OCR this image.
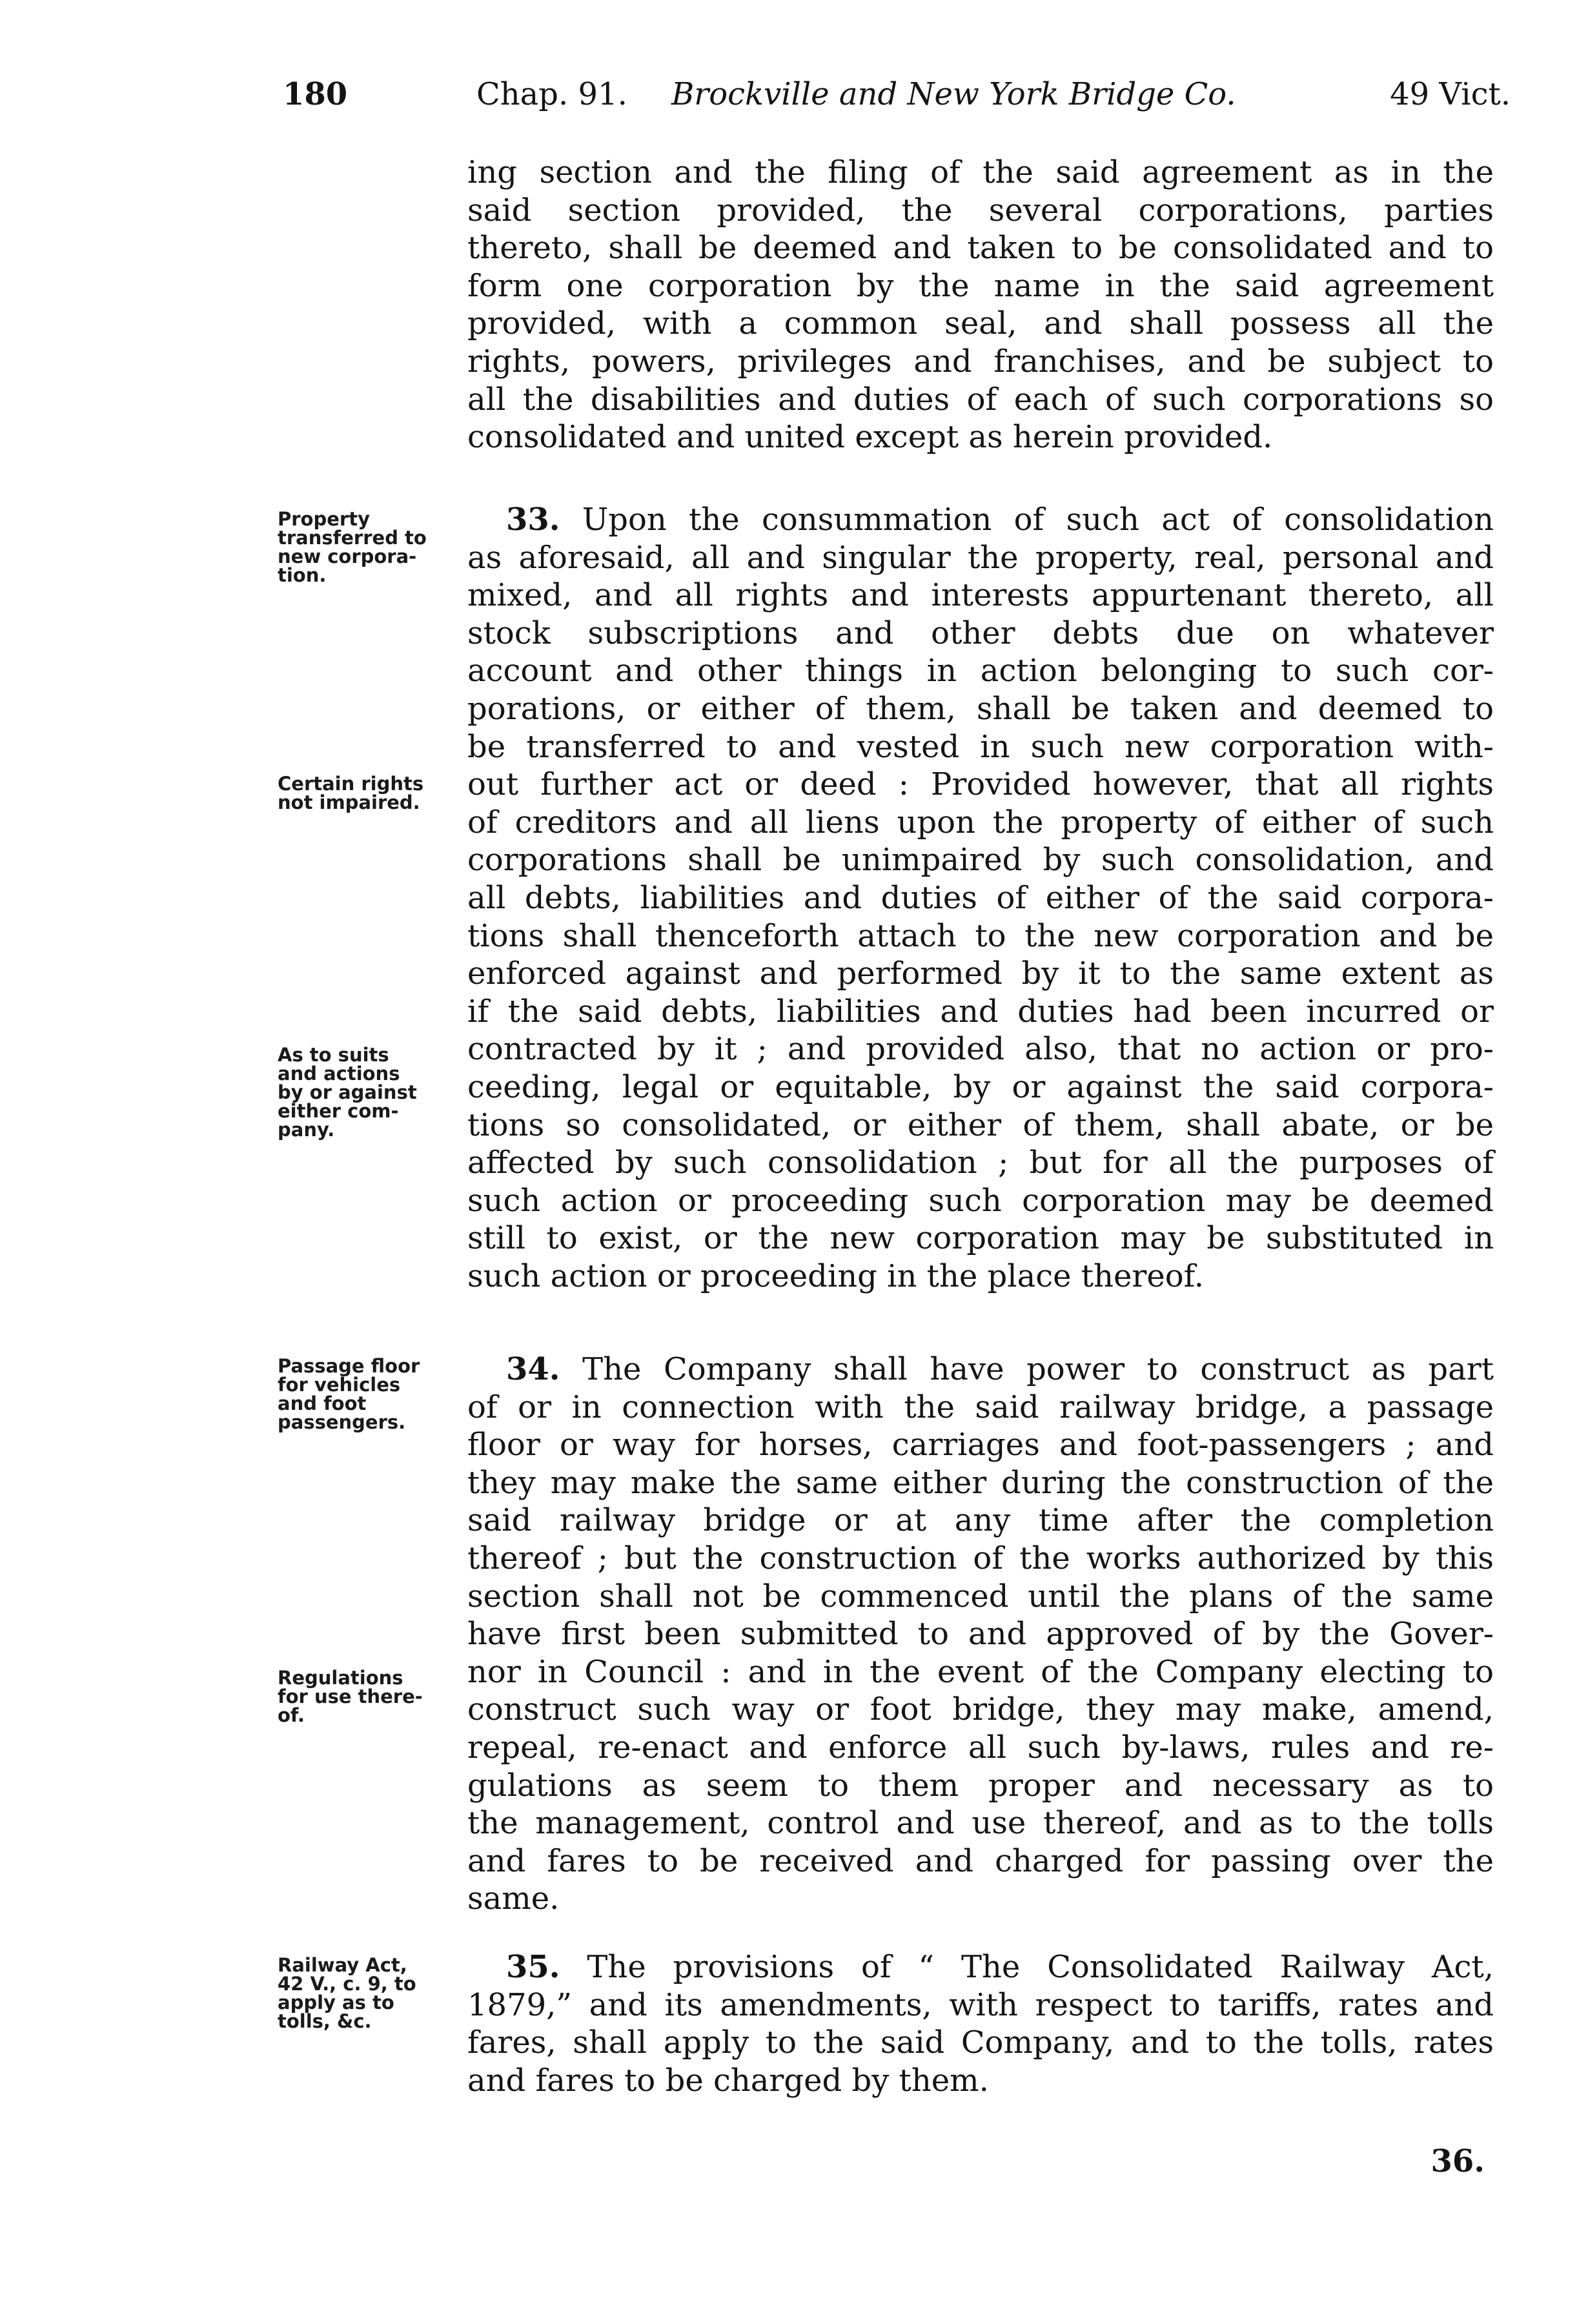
180	Chap. 91. Brockville and New York Bridge Co.	49 Vict.
ing section and the filing of the said agreement as in the
said section provided, the several corporations, parties
thereto, shall be deemed and taken to be consolidated and to
form one corporation by the name in the said agreement
provided, with a common seal, and shall possess all the
rights, powers, privileges and franchises, and be subject to
all the disabilities and duties of each of such corporations so
consolidated and united except as herein provided.
33. Upon the consummation of such act of consolidation
as aforesaid, all and singular the property, real, personal and
mixed, and all rights and interests appurtenant thereto, all
stock subscriptions and other debts due on whatever
account and other things in action belonging to such cor-
porations, or either of them, shall be taken and deemed to
be transferred to and vested in such new corporation with-
out further act or deed : Provided however, that all rights
of creditors and all liens upon the property of either of such
corporations shall be unimpaired by such consolidation, and
all debts, liabilities and duties of either of the said corpora-
tions shall thenceforth attach to the new corporation and be
enforced against and performed by it to the same extent as
if the said debts, liabilities and duties had been incurred or
contracted by it ; and provided also, that no action or pro-
ceeding, legal or equitable, by or against the said corpora-
tions so consolidated, or either of them, shall abate, or be
affected by such consolidation ; but for all the purposes of
such action or proceeding such corporation may be deemed
still to exist, or the new corporation may be substituted in
such action or proceeding in the place thereof.
34. The Company shall have power to construct as part
of or in connection with the said railway bridge, a passage
floor or way for horses, carriages and foot-passengers ; and
they may make the same either during the construction of the
said railway bridge or at any time after the completion
thereof ; but the construction of the works authorized by this
section shall not be commenced until the plans of the same
have first been submitted to and approved of by the Gover-
nor in Council : and in the event of the Company electing to
construct such way or foot bridge, they may make, amend,
repeal, re-enact and enforce all such by-laws, rules and re-
gulations as seem to them proper and necessary as to
the management, control and use thereof, and as to the tolls
and fares to be received and charged for passing over the
same.
35. The provisions of “ The Consolidated Railway Act,
1879,” and its amendments, with respect to tariffs, rates and
fares, shall apply to the said Company, and to the tolls, rates
and fares to be charged by them.
Property
transferred to
new corpora-
tion.
Certain rights
not impaired.
As to suits
and actions
by or against
either com-
pany.
Passage floor
for vehicles
and foot
passengers.
Regulations
for use there-
of.
Railway Act,
42 V., c. 9, to
apply as to
tolls, &c.
36.
